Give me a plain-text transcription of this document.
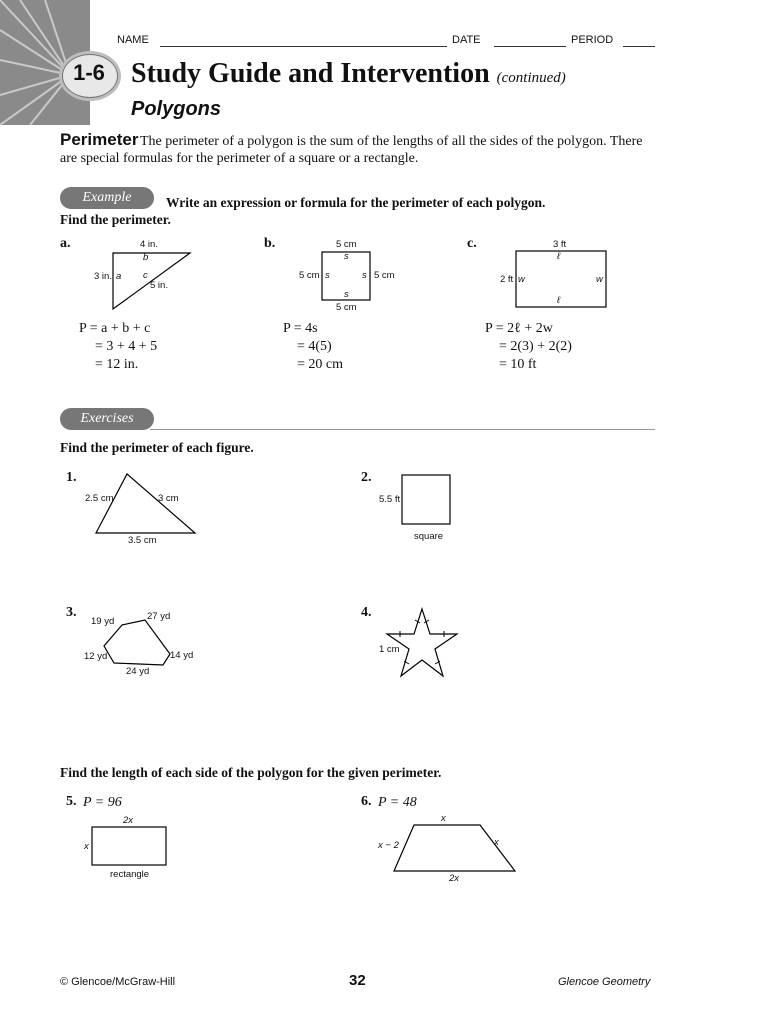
1-6
NAME	DATE	PERIOD
Study Guide and Intervention (continued)
Polygons
Perimeter The perimeter of a polygon is the sum of the lengths of all the sides of the polygon. There are special formulas for the perimeter of a square or a rectangle.
Example	Write an expression or formula for the perimeter of each polygon.
Find the perimeter.
a.	4 in.
b
3 in. a c
5 in.
P = a + b + c
= 3 + 4 + 5
= 12 in.
b.	5 cm
s
5 cm s	s 5 cm
s
5 cm
P = 4s
= 4(5)
= 20 cm
c.	3 ft
ℓ
2 ft w	w
ℓ
P = 2ℓ + 2w
= 2(3) + 2(2)
= 10 ft
Exercises
Find the perimeter of each figure.
1.
2.5 cm	3 cm
3.5 cm
2.
5.5 ft
square
3.
19 yd	27 yd
12 yd	14 yd
24 yd
4.
1 cm
Find the length of each side of the polygon for the given perimeter.
5. P = 96
2x
x
rectangle
6. P = 48
x
x − 2	x
2x
© Glencoe/McGraw-Hill	32	Glencoe Geometry
